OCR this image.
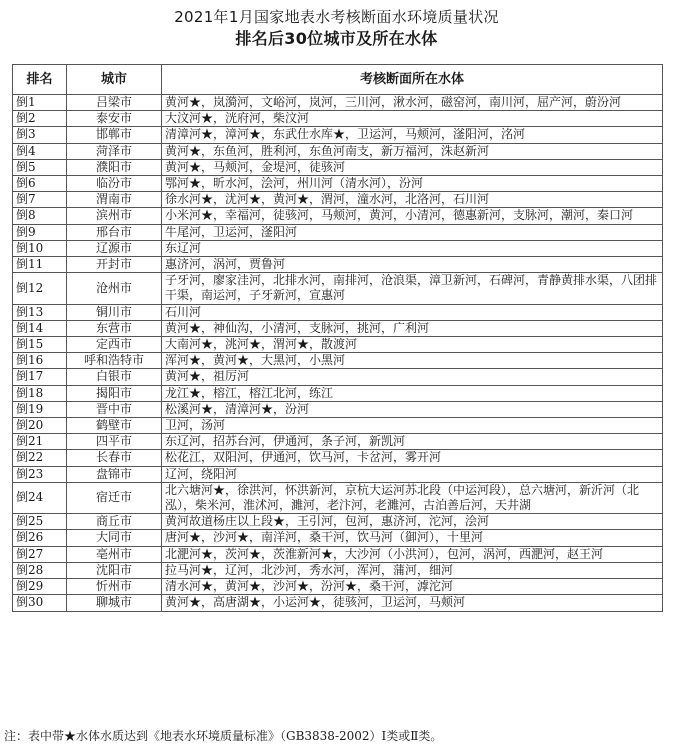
2021年1月国家地表水考核断面水环境质量状况
排名后30位城市及所在水体
排名	城市	考核断面所在水体
倒1	吕梁市	黄河★，岚漪河，文峪河，岚河，三川河，湫水河，磁窑河，南川河，屈产河，蔚汾河
倒2	泰安市	大汶河★，洸府河，柴汶河
倒3	邯郸市	清漳河★，漳河★，东武仕水库★，卫运河，马颊河，滏阳河，洺河
倒4	菏泽市	黄河★，东鱼河，胜利河，东鱼河南支，新万福河，洙赵新河
倒5	濮阳市	黄河★，马颊河，金堤河，徒骇河
倒6	临汾市	鄂河★，昕水河，浍河，州川河（清水河），汾河
倒7	渭南市	徐水河★，沋河★，黄河★，渭河，潼水河，北洛河，石川河
倒8	滨州市	小米河★，幸福河，徒骇河，马颊河，黄河，小清河，德惠新河，支脉河，潮河，秦口河
倒9	邢台市	牛尾河，卫运河，滏阳河
倒10	辽源市	东辽河
倒11	开封市	惠济河，涡河，贾鲁河
倒12	沧州市	子牙河，廖家洼河，北排水河，南排河，沧浪渠，漳卫新河，石碑河，青静黄排水渠，八团排干渠，南运河，子牙新河，宣惠河
倒13	铜川市	石川河
倒14	东营市	黄河★，神仙沟，小清河，支脉河，挑河，广利河
倒15	定西市	大南河★，洮河★，渭河★，散渡河
倒16	呼和浩特市	浑河★，黄河★，大黑河，小黑河
倒17	白银市	黄河★，祖厉河
倒18	揭阳市	龙江★，榕江，榕江北河，练江
倒19	晋中市	松溪河★，清漳河★，汾河
倒20	鹤壁市	卫河，汤河
倒21	四平市	东辽河，招苏台河，伊通河，条子河，新凯河
倒22	长春市	松花江，双阳河，伊通河，饮马河，卡岔河，雾开河
倒23	盘锦市	辽河，绕阳河
倒24	宿迁市	北六塘河★，徐洪河，怀洪新河，京杭大运河苏北段（中运河段），总六塘河，新沂河（北泓），柴米河，淮沭河，濉河，老汴河，老濉河，古泊善后河，天井湖
倒25	商丘市	黄河故道杨庄以上段★，王引河，包河，惠济河，沱河，浍河
倒26	大同市	唐河★，沙河★，南洋河，桑干河，饮马河（御河），十里河
倒27	亳州市	北淝河★，茨河★，茨淮新河★，大沙河（小洪河），包河，涡河，西淝河，赵王河
倒28	沈阳市	拉马河★，辽河，北沙河，秀水河，浑河，蒲河，细河
倒29	忻州市	清水河★，黄河★，沙河★，汾河★，桑干河，滹沱河
倒30	聊城市	黄河★，高唐湖★，小运河★，徒骇河，卫运河，马颊河
注：表中带★水体水质达到《地表水环境质量标准》（GB3838-2002）Ⅰ类或Ⅱ类。
